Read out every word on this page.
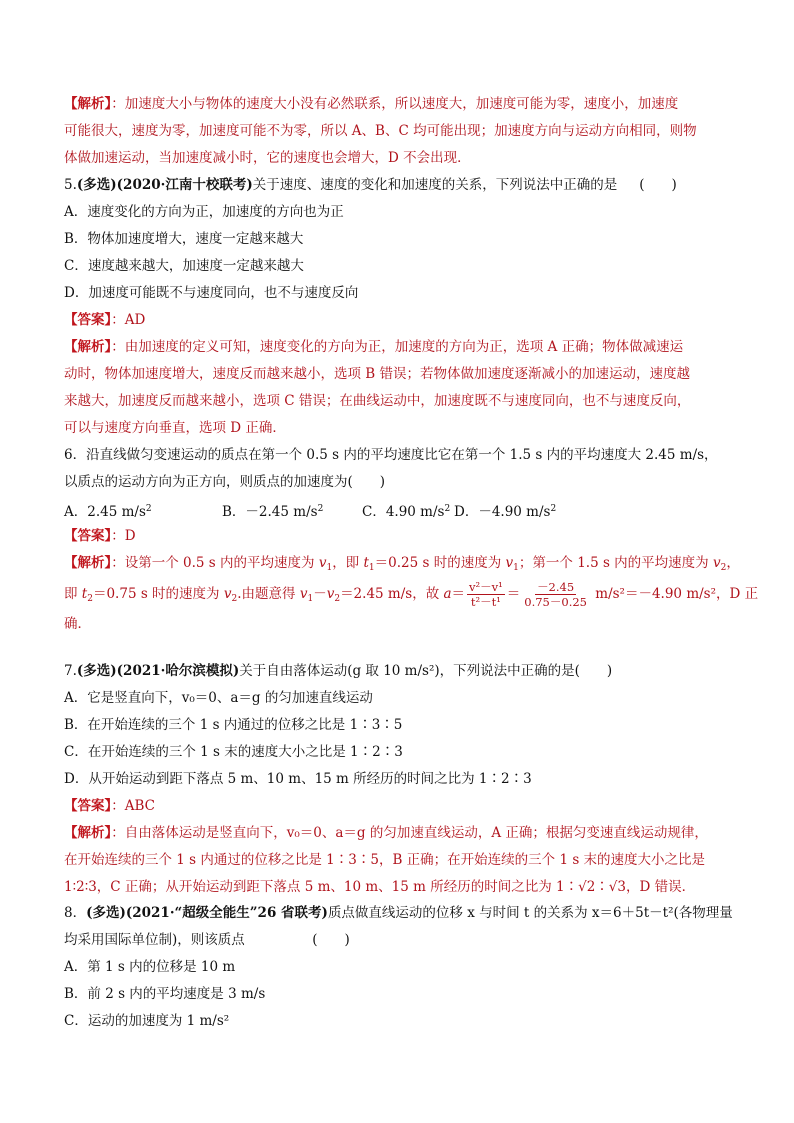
【解析】：加速度大小与物体的速度大小没有必然联系，所以速度大，加速度可能为零，速度小，加速度
可能很大，速度为零，加速度可能不为零，所以 A、B、C 均可能出现；加速度方向与运动方向相同，则物
体做加速运动，当加速度减小时，它的速度也会增大，D 不会出现．
5.(多选)(2020·江南十校联考)关于速度、速度的变化和加速度的关系，下列说法中正确的是 (　　)
A．速度变化的方向为正，加速度的方向也为正
B．物体加速度增大，速度一定越来越大
C．速度越来越大，加速度一定越来越大
D．加速度可能既不与速度同向，也不与速度反向
【答案】：AD
【解析】：由加速度的定义可知，速度变化的方向为正，加速度的方向为正，选项 A 正确；物体做减速运
动时，物体加速度增大，速度反而越来越小，选项 B 错误；若物体做加速度逐渐减小的加速运动，速度越
来越大，加速度反而越来越小，选项 C 错误；在曲线运动中，加速度既不与速度同向，也不与速度反向，
可以与速度方向垂直，选项 D 正确．
6．沿直线做匀变速运动的质点在第一个 0.5 s 内的平均速度比它在第一个 1.5 s 内的平均速度大 2.45 m/s，
以质点的运动方向为正方向，则质点的加速度为(　　)
A．2.45 m/s2	B．－2.45 m/s2	C．4.90 m/s2 D．－4.90 m/s2
【答案】：D
【解析】：设第一个 0.5 s 内的平均速度为 $v_1$，即 $t_1=0.25$ s 时的速度为 $v_1$；第一个 1.5 s 内的平均速度为 $v_2$，
即 $t_2=0.75$ s 时的速度为 $v_2$.由题意得 $v_1-v_2=2.45$ m/s，故 $a= \frac{\text{v²－v¹}}{\text{t²－t¹}} = \frac{-2.45}{0.75-0.25} m/s^2=-4.90$ m/s²，D 正
确．
7.(多选)(2021·哈尔滨模拟)关于自由落体运动(g 取 10 m/s²)，下列说法中正确的是(　　)
A．它是竖直向下，v₀＝0、a＝g 的匀加速直线运动
B．在开始连续的三个 1 s 内通过的位移之比是 1∶3∶5
C．在开始连续的三个 1 s 末的速度大小之比是 1∶2∶3
D．从开始运动到距下落点 5 m、10 m、15 m 所经历的时间之比为 1∶2∶3
【答案】：ABC
【解析】：自由落体运动是竖直向下，v₀＝0、a＝g 的匀加速直线运动，A 正确；根据匀变速直线运动规律，
在开始连续的三个 1 s 内通过的位移之比是 1∶3∶5，B 正确；在开始连续的三个 1 s 末的速度大小之比是
1∶2∶3，C 正确；从开始运动到距下落点 5 m、10 m、15 m 所经历的时间之比为 1∶√2∶√3，D 错误．
8．(多选)(2021·“超级全能生”26 省联考)质点做直线运动的位移 x 与时间 t 的关系为 x＝6＋5t－t²(各物理量
均采用国际单位制)，则该质点　　　　　(　　)
A．第 1 s 内的位移是 10 m
B．前 2 s 内的平均速度是 3 m/s
C．运动的加速度为 1 m/s²
